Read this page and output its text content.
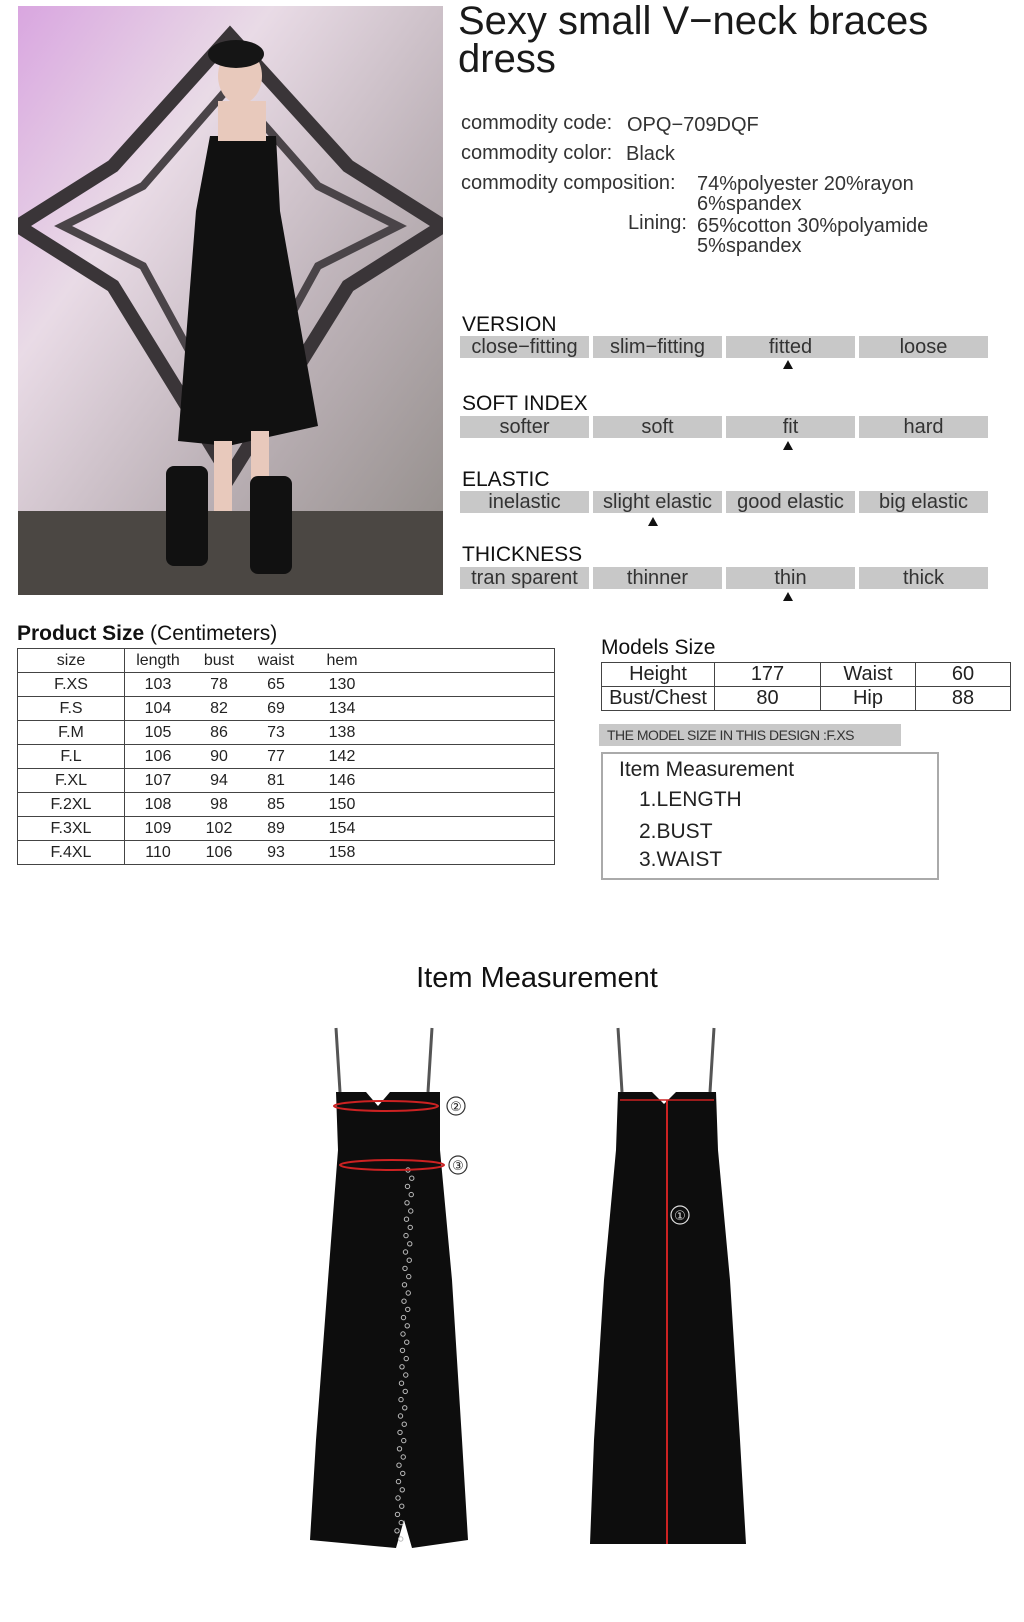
Sexy small V−neck braces dress
commodity code: OPQ−709DQF
commodity color: Black
commodity composition: 74%polyester 20%rayon
6%spandex
Lining: 65%cotton 30%polyamide
5%spandex
VERSION
close−fitting	slim−fitting	fitted	loose
SOFT INDEX
softer	soft	fit	hard
ELASTIC
inelastic	slight elastic	good elastic	big elastic
THICKNESS
tran sparent	thinner	thin	thick
Product Size (Centimeters)
size	length	bust	waist	hem	
F.XS	103	78	65	130	
F.S	104	82	69	134	
F.M	105	86	73	138	
F.L	106	90	77	142	
F.XL	107	94	81	146	
F.2XL	108	98	85	150	
F.3XL	109	102	89	154	
F.4XL	110	106	93	158	
Models Size
Height	177	Waist	60
Bust/Chest	80	Hip	88
THE MODEL SIZE IN THIS DESIGN :F.XS
Item Measurement
1.LENGTH
2.BUST
3.WAIST
Item Measurement
②
③
①
